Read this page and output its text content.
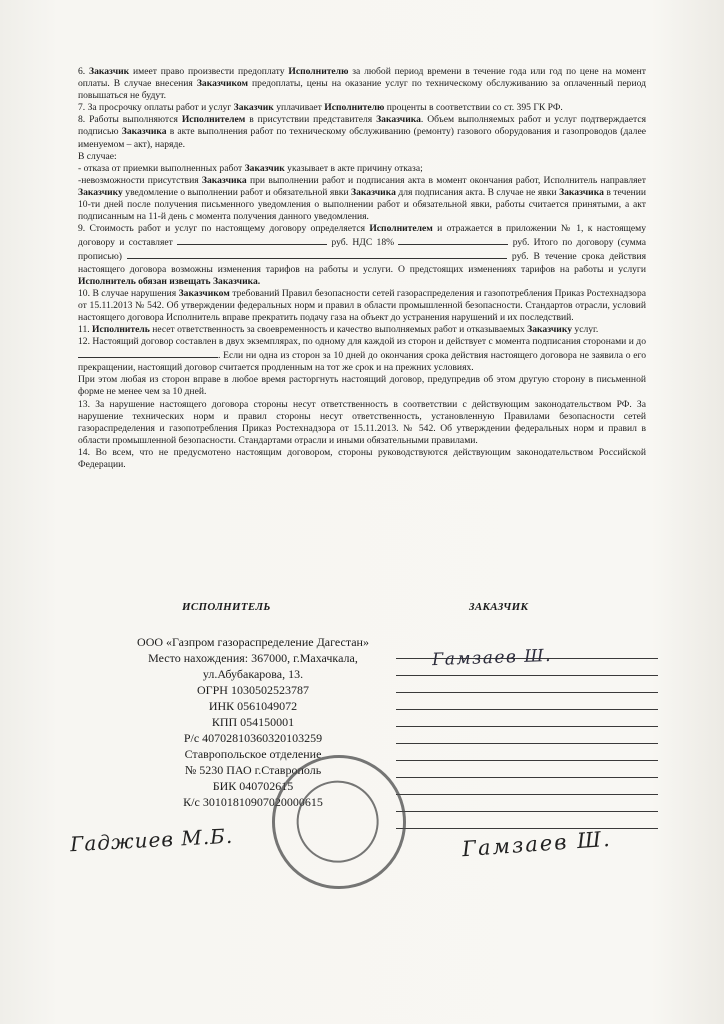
6. Заказчик имеет право произвести предоплату Исполнителю за любой период времени в течение года или год по цене на момент оплаты. В случае внесения Заказчиком предоплаты, цены на оказание услуг по техническому обслуживанию за оплаченный период повышаться не будут.

7. За просрочку оплаты работ и услуг Заказчик уплачивает Исполнителю проценты в соответствии со ст. 395 ГК РФ.

8. Работы выполняются Исполнителем в присутствии представителя Заказчика. Объем выполняемых работ и услуг подтверждается подписью Заказчика в акте выполнения работ по техническому обслуживанию (ремонту) газового оборудования и газопроводов (далее именуемом – акт), наряде.

В случае:

- отказа от приемки выполненных работ Заказчик указывает в акте причину отказа;

-невозможности присутствия Заказчика при выполнении работ и подписания акта в момент окончания работ, Исполнитель направляет Заказчику уведомление о выполнении работ и обязательной явки Заказчика для подписания акта. В случае не явки Заказчика в течении 10-ти дней после получения письменного уведомления о выполнении работ и обязательной явки, работы считается принятыми, а акт подписанным на 11-й день с момента получения данного уведомления.

9. Стоимость работ и услуг по настоящему договору определяется Исполнителем и отражается в приложении № 1, к настоящему договору и составляет	руб. НДС 18%	руб. Итого по договору (сумма прописью)	руб. В течение срока действия настоящего договора возможны изменения тарифов на работы и услуги. О предстоящих изменениях тарифов на работы и услуги Исполнитель обязан извещать Заказчика.

10. В случае нарушения Заказчиком требований Правил безопасности сетей газораспределения и газопотребления Приказ Ростехнадзора от 15.11.2013 № 542. Об утверждении федеральных норм и правил в области промышленной безопасности. Стандартов отрасли, условий настоящего договора Исполнитель вправе прекратить подачу газа на объект до устранения нарушений и их последствий.

11. Исполнитель несет ответственность за своевременность и качество выполняемых работ и отказываемых Заказчику услуг.

12. Настоящий договор составлен в двух экземплярах, по одному для каждой из сторон и действует с момента подписания сторонами и до . Если ни одна из сторон за 10 дней до окончания срока действия настоящего договора не заявила о его прекращении, настоящий договор считается продленным на тот же срок и на прежних условиях.

При этом любая из сторон вправе в любое время расторгнуть настоящий договор, предупредив об этом другую сторону в письменной форме не менее чем за 10 дней.

13. За нарушение настоящего договора стороны несут ответственность в соответствии с действующим законодательством РФ. За нарушение технических норм и правил стороны несут ответственность, установленную Правилами безопасности сетей газораспределения и газопотребления Приказ Ростехнадзора от 15.11.2013. № 542. Об утверждении федеральных норм и правил в области промышленной безопасности. Стандартами отрасли и иными обязательными правилами.

14. Во всем, что не предусмотено настоящим договором, стороны руководствуются действующим законодательством Российской Федерации.

ИСПОЛНИТЕЛЬ	ЗАКАЗЧИК
ООО «Газпром газораспределение Дагестан»
Место нахождения: 367000, г.Махачкала,
ул.Абубакарова, 13.
ОГРН 1030502523787
ИНК 0561049072
КПП 054150001
Р/с 40702810360320103259
Ставропольское отделение
№ 5230 ПАО г.Ставрополь
БИК 040702615
К/с 30101810907020000615
Гамзаев Ш.
Гаджиев М.Б.	Гамзаев Ш.
